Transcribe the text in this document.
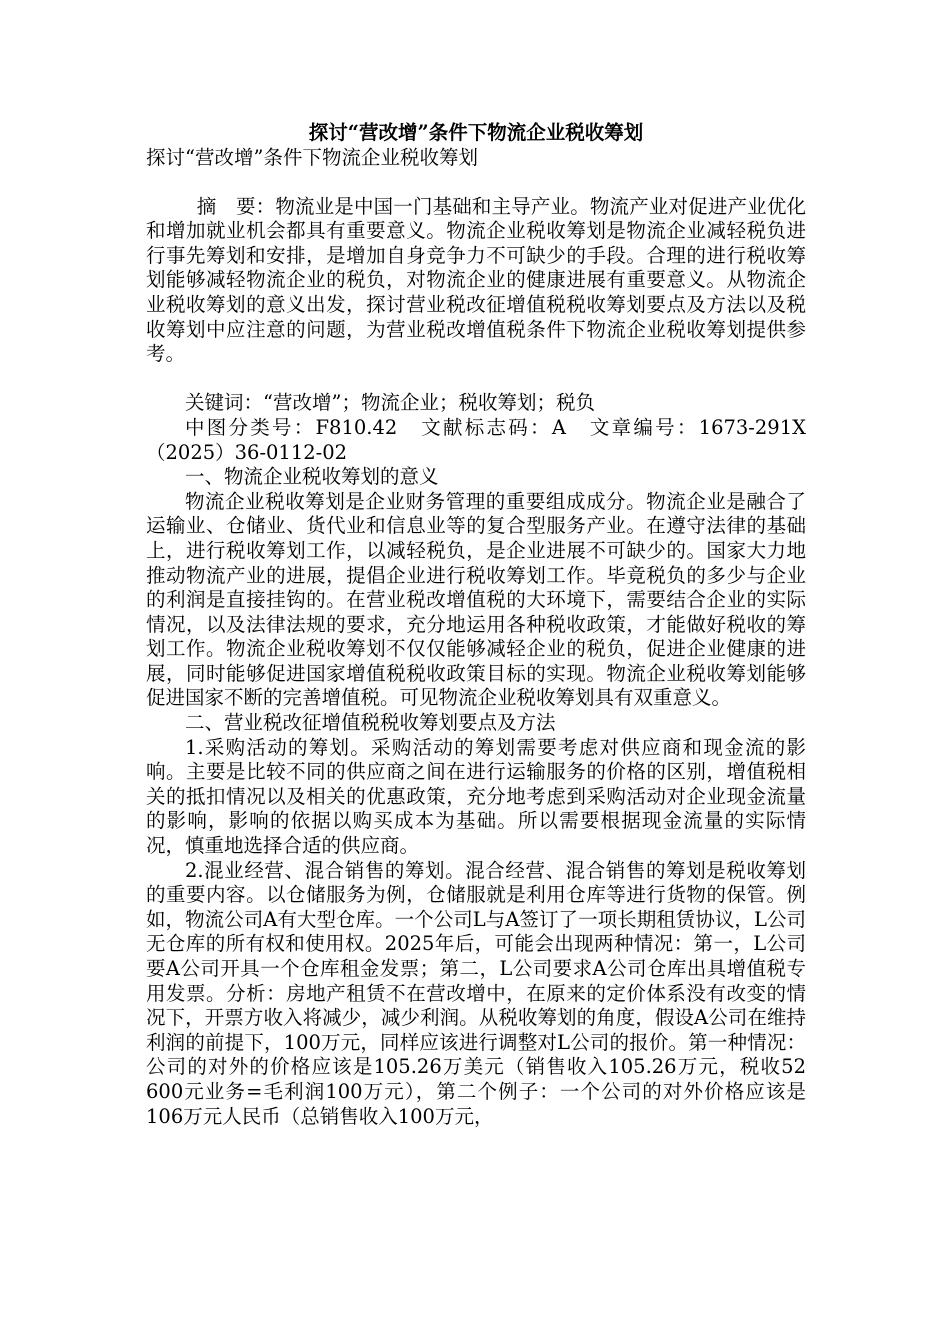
探讨“营改增”条件下物流企业税收筹划
探讨“营改增”条件下物流企业税收筹划

摘　要：物流业是中国一门基础和主导产业。物流产业对促进产业优化和增加就业机会都具有重要意义。物流企业税收筹划是物流企业减轻税负进行事先筹划和安排，是增加自身竞争力不可缺少的手段。合理的进行税收筹划能够减轻物流企业的税负，对物流企业的健康进展有重要意义。从物流企业税收筹划的意义出发，探讨营业税改征增值税税收筹划要点及方法以及税收筹划中应注意的问题，为营业税改增值税条件下物流企业税收筹划提供参考。

关键词：“营改增”；物流企业；税收筹划；税负

中图分类号：F810.42　文献标志码：A　文章编号：1673-291X（2025）36-0112-02

一、物流企业税收筹划的意义

物流企业税收筹划是企业财务管理的重要组成成分。物流企业是融合了运输业、仓储业、货代业和信息业等的复合型服务产业。在遵守法律的基础上，进行税收筹划工作，以减轻税负，是企业进展不可缺少的。国家大力地推动物流产业的进展，提倡企业进行税收筹划工作。毕竟税负的多少与企业的利润是直接挂钩的。在营业税改增值税的大环境下，需要结合企业的实际情况，以及法律法规的要求，充分地运用各种税收政策，才能做好税收的筹划工作。物流企业税收筹划不仅仅能够减轻企业的税负，促进企业健康的进展，同时能够促进国家增值税税收政策目标的实现。物流企业税收筹划能够促进国家不断的完善增值税。可见物流企业税收筹划具有双重意义。

二、营业税改征增值税税收筹划要点及方法

1.采购活动的筹划。采购活动的筹划需要考虑对供应商和现金流的影响。主要是比较不同的供应商之间在进行运输服务的价格的区别，增值税相关的抵扣情况以及相关的优惠政策，充分地考虑到采购活动对企业现金流量的影响，影响的依据以购买成本为基础。所以需要根据现金流量的实际情况，慎重地选择合适的供应商。

2.混业经营、混合销售的筹划。混合经营、混合销售的筹划是税收筹划的重要内容。以仓储服务为例，仓储服就是利用仓库等进行货物的保管。例如，物流公司A有大型仓库。一个公司L与A签订了一项长期租赁协议，L公司无仓库的所有权和使用权。2025年后，可能会出现两种情况：第一，L公司要A公司开具一个仓库租金发票；第二，L公司要求A公司仓库出具增值税专用发票。分析：房地产租赁不在营改增中，在原来的定价体系没有改变的情况下，开票方收入将减少，减少利润。从税收筹划的角度，假设A公司在维持利润的前提下，100万元，同样应该进行调整对L公司的报价。第一种情况：公司的对外的价格应该是105.26万美元（销售收入105.26万元，税收52 600元业务=毛利润100万元），第二个例子：一个公司的对外价格应该是106万元人民币（总销售收入100万元，
